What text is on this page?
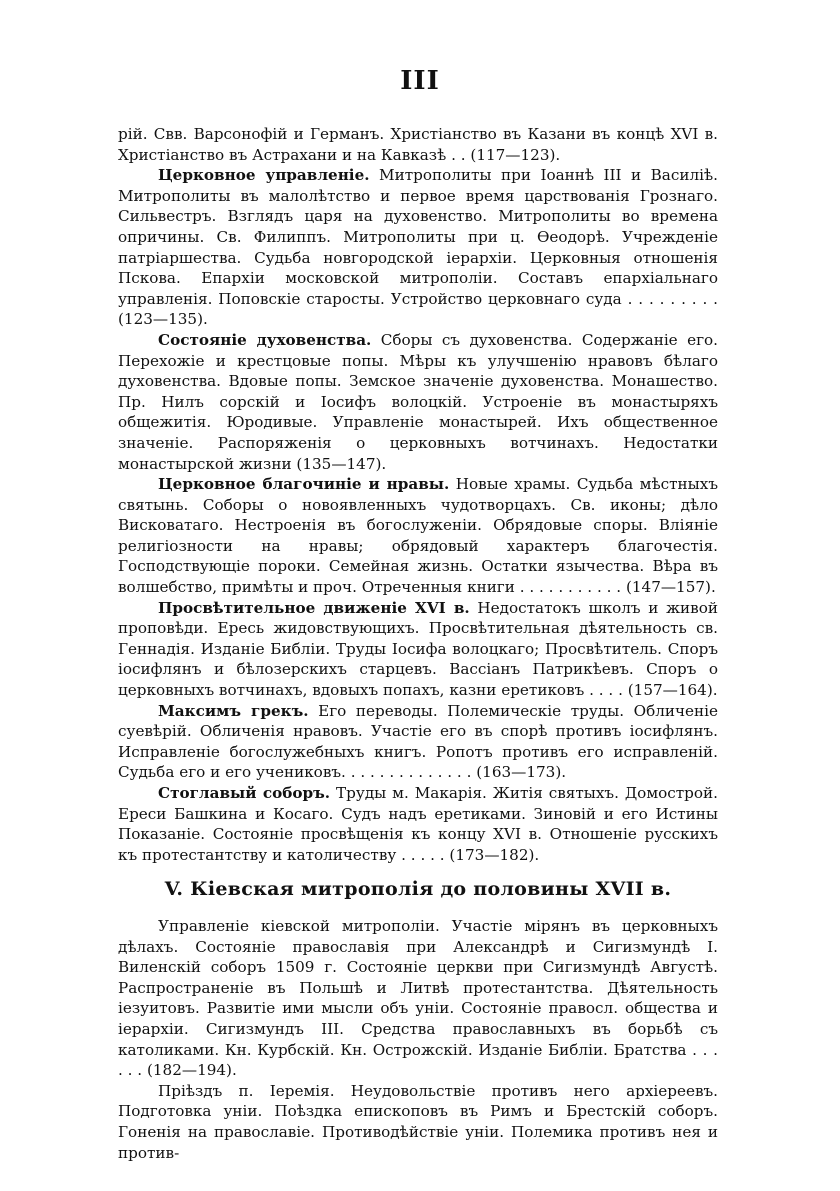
III

рій. Свв. Варсонофій и Германъ. Христіанство въ Казани въ концѣ XVI в. Христіанство въ Астрахани и на Кавказѣ . . (117—123).

Церковное управленіе. Митрополиты при Іоаннѣ III и Василіѣ. Митрополиты въ малолѣтство и первое время царствованія Грознаго. Сильвестръ. Взглядъ царя на духовенство. Митрополиты во времена опричины. Св. Филиппъ. Митрополиты при ц. Өеодорѣ. Учрежденіе патріаршества. Судьба новгородской іерархіи. Церковныя отношенія Пскова. Епархіи московской митрополіи. Составъ епархіальнаго управленія. Поповскіе старосты. Устройство церковнаго суда . . . . . . . . . (123—135).

Состояніе духовенства. Сборы съ духовенства. Содержаніе его. Перехожіе и крестцовые попы. Мѣры къ улучшенію нравовъ бѣлаго духовенства. Вдовые попы. Земское значеніе духовенства. Монашество. Пр. Нилъ сорскій и Іосифъ волоцкій. Устроеніе въ монастыряхъ общежитія. Юродивые. Управленіе монастырей. Ихъ общественное значеніе. Распоряженія о церковныхъ вотчинахъ. Недостатки монастырской жизни (135—147).

Церковное благочиніе и нравы. Новые храмы. Судьба мѣстныхъ святынь. Соборы о новоявленныхъ чудотворцахъ. Св. иконы; дѣло Висковатаго. Нестроенія въ богослуженіи. Обрядовые споры. Вліяніе религіозности на нравы; обрядовый характеръ благочестія. Господствующіе пороки. Семейная жизнь. Остатки язычества. Вѣра въ волшебство, примѣты и проч. Отреченныя книги . . . . . . . . . . . (147—157).

Просвѣтительное движеніе XVI в. Недостатокъ школъ и живой проповѣди. Ересь жидовствующихъ. Просвѣтительная дѣятельность св. Геннадія. Изданіе Библіи. Труды Іосифа волоцкаго; Просвѣтитель. Споръ іосифлянъ и бѣлозерскихъ старцевъ. Вассіанъ Патрикѣевъ. Споръ о церковныхъ вотчинахъ, вдовыхъ попахъ, казни еретиковъ . . . . (157—164).

Максимъ грекъ. Его переводы. Полемическіе труды. Обличеніе суевѣрій. Обличенія нравовъ. Участіе его въ спорѣ противъ іосифлянъ. Исправленіе богослужебныхъ книгъ. Ропотъ противъ его исправленій. Судьба его и его учениковъ. . . . . . . . . . . . . . (163—173).

Стоглавый соборъ. Труды м. Макарія. Житія святыхъ. Домострой. Ереси Башкина и Косаго. Судъ надъ еретиками. Зиновій и его Истины Показаніе. Состояніе просвѣщенія къ концу XVI в. Отношеніе русскихъ къ протестантству и католичеству . . . . . (173—182).

V. Кіевская митрополія до половины XVII в.

Управленіе кіевской митрополіи. Участіе мірянъ въ церковныхъ дѣлахъ. Состояніе православія при Александрѣ и Сигизмундѣ I. Виленскій соборъ 1509 г. Состояніе церкви при Сигизмундѣ Августѣ. Распространеніе въ Польшѣ и Литвѣ протестантства. Дѣятельность іезуитовъ. Развитіе ими мысли объ уніи. Состояніе правосл. общества и іерархіи. Сигизмундъ III. Средства православныхъ въ борьбѣ съ католиками. Кн. Курбскій. Кн. Острожскій. Изданіе Библіи. Братства . . . . . . (182—194).

Пріѣздъ п. Іеремія. Неудовольствіе противъ него архіереевъ. Подготовка уніи. Поѣздка епископовъ въ Римъ и Брестскій соборъ. Гоненія на православіе. Противодѣйствіе уніи. Полемика противъ нея и против-
